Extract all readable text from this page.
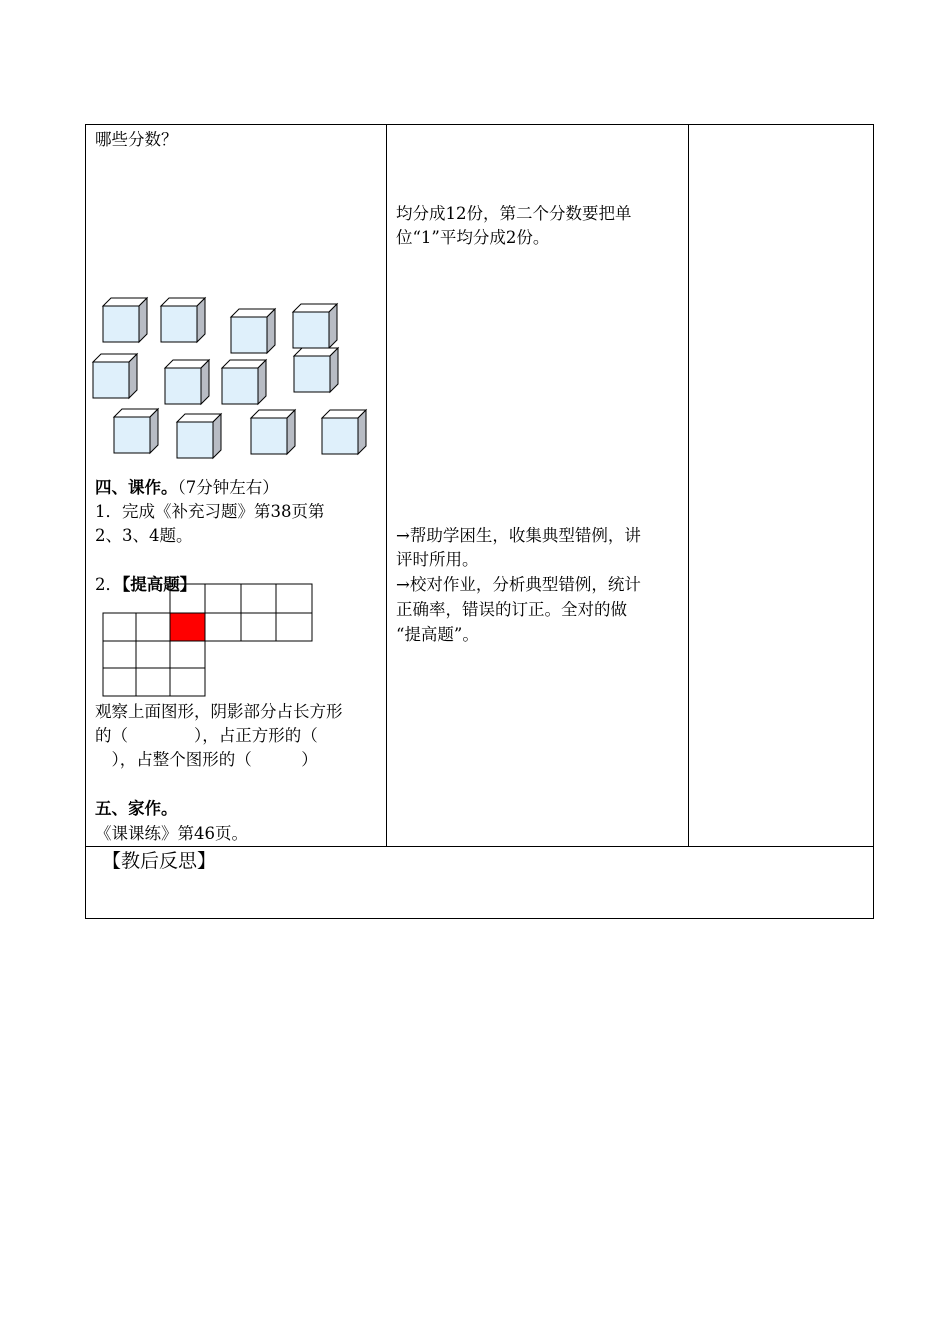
哪些分数？
四、课作。（7分钟左右）
1．完成《补充习题》第38页第
2、3、4题。
2．【提高题】
观察上面图形，阴影部分占长方形
的（　　　　），占正方形的（
　），占整个图形的（　　　）
五、家作。
《课课练》第46页。
均分成12份，第二个分数要把单
位“1”平均分成2份。
→帮助学困生，收集典型错例，讲
评时所用。
→校对作业，分析典型错例，统计
正确率，错误的订正。全对的做
“提高题”。
【教后反思】
